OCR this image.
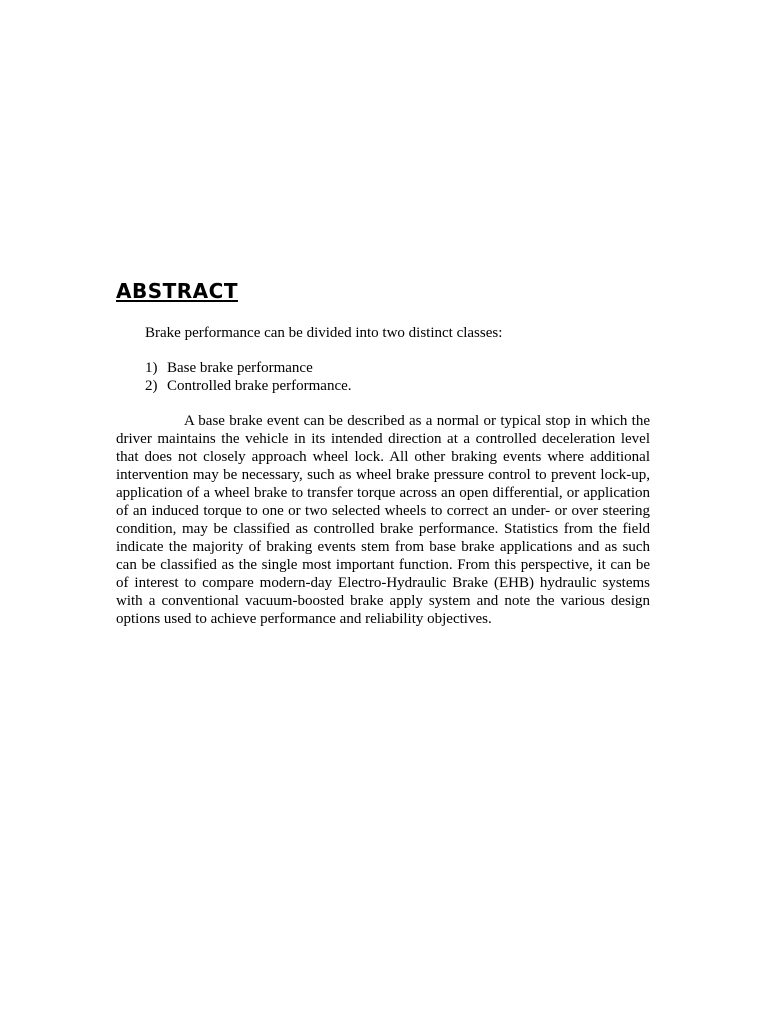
ABSTRACT

Brake performance can be divided into two distinct classes:

1) Base brake performance
2) Controlled brake performance.

A base brake event can be described as a normal or typical stop in which the driver maintains the vehicle in its intended direction at a controlled deceleration level that does not closely approach wheel lock. All other braking events where additional intervention may be necessary, such as wheel brake pressure control to prevent lock-up, application of a wheel brake to transfer torque across an open differential, or application of an induced torque to one or two selected wheels to correct an under- or over steering condition, may be classified as controlled brake performance. Statistics from the field indicate the majority of braking events stem from base brake applications and as such can be classified as the single most important function. From this perspective, it can be of interest to compare modern-day Electro-Hydraulic Brake (EHB) hydraulic systems with a conventional vacuum-boosted brake apply system and note the various design options used to achieve performance and reliability objectives.
